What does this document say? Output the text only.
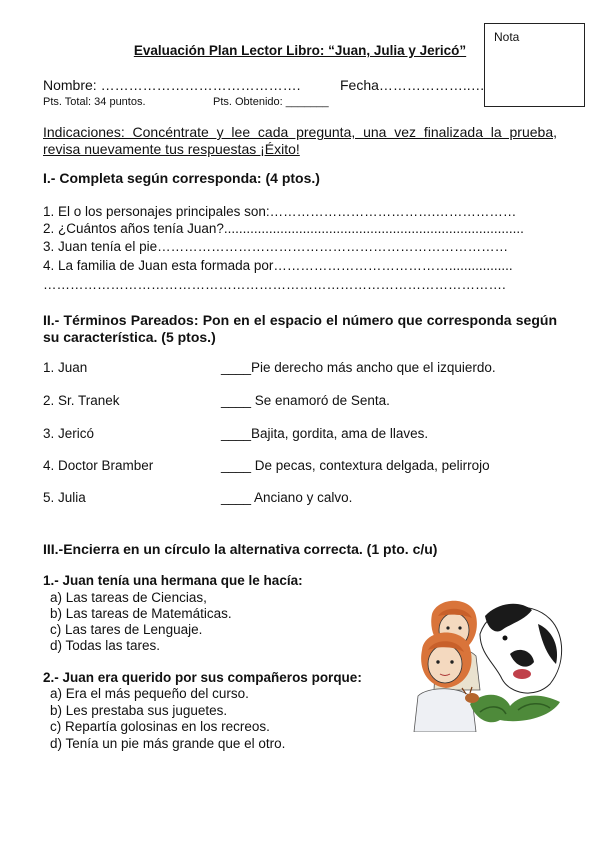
Nota
Evaluación Plan Lector Libro: “Juan, Julia y Jericó”
Nombre: …………………………………….	Fecha………………..…
Pts. Total: 34 puntos.	Pts. Obtenido: _______
Indicaciones: Concéntrate y lee cada pregunta, una vez finalizada la prueba, revisa nuevamente tus respuestas ¡Éxito!
I.- Completa según corresponda: (4 ptos.)
1. El o los personajes principales son:……………………………….………………
2. ¿Cuántos años tenía Juan?................................................................................
3. Juan tenía el pie……………………………………………………………………
4. La familia de Juan esta formada por………………………………….................
………………………………………………………………………………………….
II.- Términos Pareados: Pon en el espacio el número que corresponda según su característica. (5 ptos.)
1. Juan	____Pie derecho más ancho que el izquierdo.
2. Sr. Tranek	____ Se enamoró de Senta.
3. Jericó	____Bajita, gordita, ama de llaves.
4. Doctor Bramber	____ De pecas, contextura delgada, pelirrojo
5. Julia	____ Anciano y calvo.
III.-Encierra en un círculo la alternativa correcta. (1 pto. c/u)
1.- Juan tenía una hermana que le hacía:
a) Las tareas de Ciencias,
b) Las tareas de Matemáticas.
c) Las tares de Lenguaje.
d) Todas las tares.
2.- Juan era querido por sus compañeros porque:
a) Era el más pequeño del curso.
b) Les prestaba sus juguetes.
c) Repartía golosinas en los recreos.
d) Tenía un pie más grande que el otro.
